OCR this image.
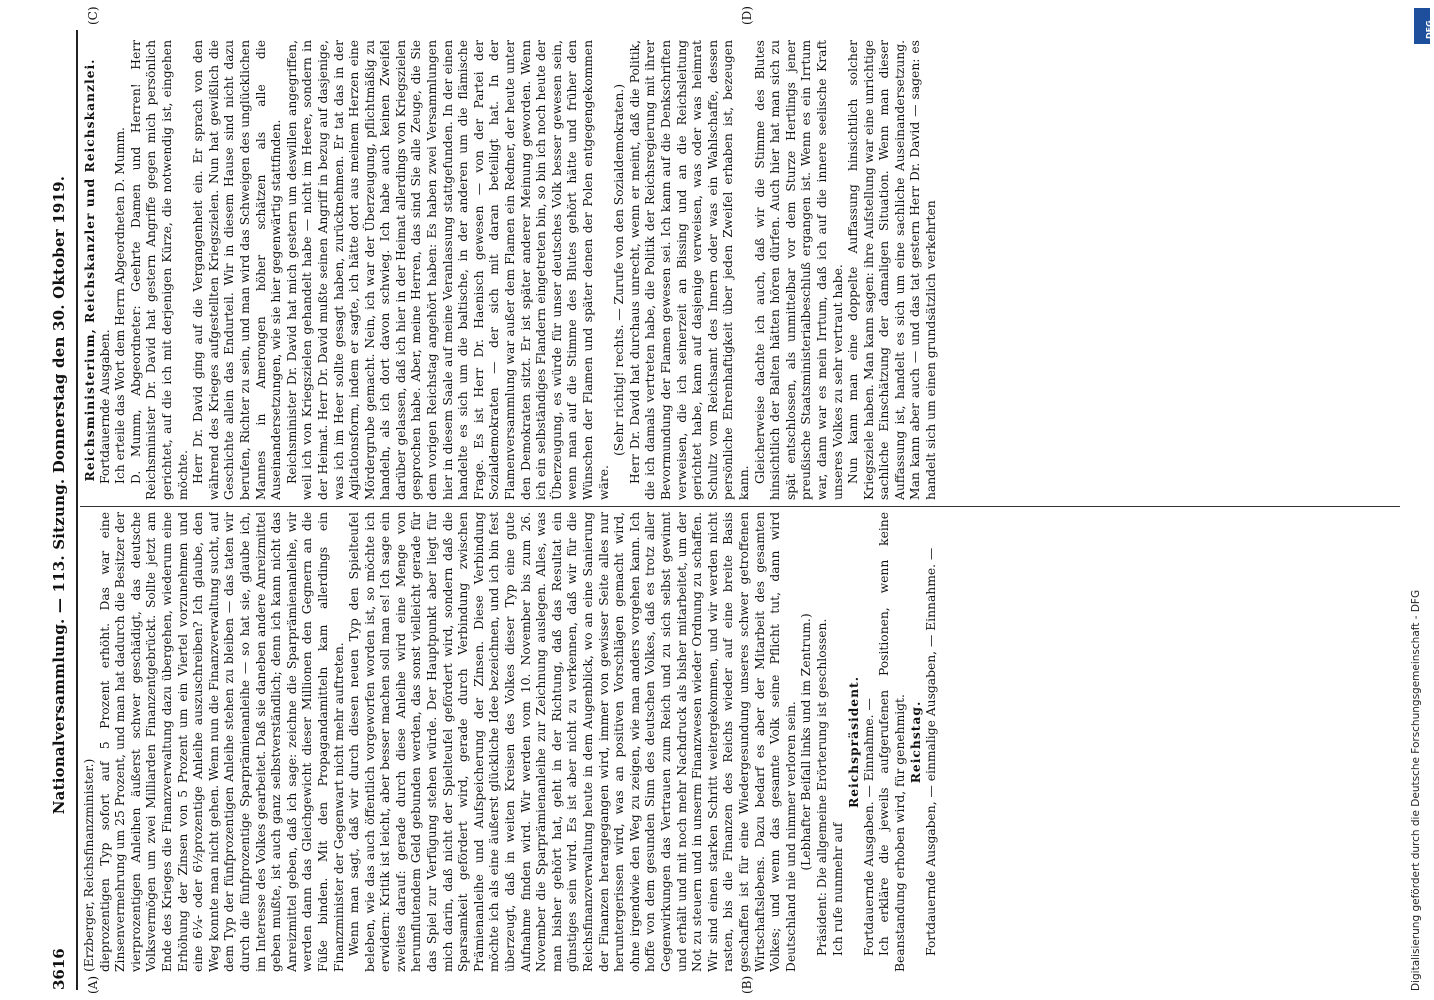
3616
Nationalversammlung. — 113. Sitzung. Donnerstag den 30. Oktober 1919.
(A)	(B)
(C)	(D)

(Erzberger, Reichsfinanzminister.) dieprozentigen Typ sofort auf 5 Prozent erhöht. Das war eine Zinsenvermehrung um 25 Prozent, und man hat dadurch die Besitzer der vierprozentigen Anleihen äußerst schwer geschädigt, das deutsche Volksvermögen um zwei Milliarden Finanzentgebrückt. Sollte jetzt am Ende des Krieges die Finanzverwaltung dazu übergehen, wiederum eine Erhöhung der Zinsen von 5 Prozent um ein Viertel vorzunehmen und eine 6¼- oder 6½prozentige Anleihe auszuschreiben? Ich glaube, den Weg konnte man nicht gehen. Wenn nun die Finanzverwaltung sucht, auf dem Typ der fünfprozentigen Anleihe stehen zu bleiben — das taten wir durch die fünfprozentige Sparprämienanleihe — so hat sie, glaube ich, im Interesse des Volkes gearbeitet. Daß sie daneben andere Anreizmittel geben mußte, ist auch ganz selbstverständlich; denn ich kann nicht das Anreizmittel geben, daß ich sage: zeichne die Sparprämienanleihe, wir werden dann das Gleichgewicht dieser Millionen den Gegnern an die Füße binden. Mit den Propagandamitteln kam allerdings ein Finanzminister der Gegenwart nicht mehr auftreten. Wenn man sagt, daß wir durch diesen neuen Typ den Spielteufel beleben, wie das auch öffentlich vorgeworfen worden ist, so möchte ich erwidern: Kritik ist leicht, aber besser machen soll man es! Ich sage ein zweites darauf: gerade durch diese Anleihe wird eine Menge von herumflutendem Geld gebunden werden, das sonst vielleicht gerade für das Spiel zur Verfügung stehen würde. Der Hauptpunkt aber liegt für mich darin, daß nicht der Spielteufel gefördert wird, sondern daß die Sparsamkeit gefördert wird, gerade durch Verbindung zwischen Prämienanleihe und Aufspeicherung der Zinsen. Diese Verbindung möchte ich als eine äußerst glückliche Idee bezeichnen, und ich bin fest überzeugt, daß in weiten Kreisen des Volkes dieser Typ eine gute Aufnahme finden wird. Wir werden vom 10. November bis zum 26. November die Sparprämienanleihe zur Zeichnung auslegen. Alles, was man bisher gehört hat, geht in der Richtung, daß das Resultat ein günstiges sein wird. Es ist aber nicht zu verkennen, daß wir für die Reichsfinanzverwaltung heute in dem Augenblick, wo an eine Sanierung der Finanzen herangegangen wird, immer von gewisser Seite alles nur heruntergerissen wird, was an positiven Vorschlägen gemacht wird, ohne irgendwie den Weg zu zeigen, wie man anders vorgehen kann. Ich hoffe von dem gesunden Sinn des deutschen Volkes, daß es trotz aller Gegenwirkungen das Vertrauen zum Reich und zu sich selbst gewinnt und erhält und mit noch mehr Nachdruck als bisher mitarbeitet, um der Not zu steuern und in unserm Finanzwesen wieder Ordnung zu schaffen. Wir sind einen starken Schritt weitergekommen, und wir werden nicht rasten, bis die Finanzen des Reichs wieder auf eine breite Basis geschaffen ist für eine Wiedergesundung unseres schwer getroffenen Wirtschaftslebens. Dazu bedarf es aber der Mitarbeit des gesamten Volkes; und wenn das gesamte Volk seine Pflicht tut, dann wird Deutschland nie und nimmer verloren sein. (Lebhafter Beifall links und im Zentrum.) Präsident: Die allgemeine Erörterung ist geschlossen. Ich rufe nunmehr auf

Reichspräsident. Fortdauernde Ausgaben. — Einnahme. — Ich erkläre die jeweils aufgerufenen Positionen, wenn keine Beanstandung erhoben wird, für genehmigt. Reichstag. Fortdauernde Ausgaben, — einmalige Ausgaben, — Einnahme. —

Reichsministerium, Reichskanzler und Reichskanzlei. Fortdauernde Ausgaben. Ich erteile das Wort dem Herrn Abgeordneten D. Mumm. D. Mumm, Abgeordneter: Geehrte Damen und Herren! Herr Reichsminister Dr. David hat gestern Angriffe gegen mich persönlich gerichtet, auf die ich mit derjenigen Kürze, die notwendig ist, eingehen möchte. Herr Dr. David ging auf die Vergangenheit ein. Er sprach von den während des Krieges aufgestellten Kriegszielen. Nun hat gewißlich die Geschichte allein das Endurteil. Wir in diesem Hause sind nicht dazu berufen, Richter zu sein, und man wird das Schweigen des unglücklichen Mannes in Amerongen höher schätzen als alle die Auseinandersetzungen, wie sie hier gegenwärtig stattfinden. Reichsminister Dr. David hat mich gestern um deswillen angegriffen, weil ich von Kriegszielen gehandelt habe — nicht im Heere, sondern in der Heimat. Herr Dr. David mußte seinen Angriff in bezug auf dasjenige, was ich im Heer sollte gesagt haben, zurücknehmen. Er tat das in der Agitationsform, indem er sagte, ich hätte dort aus meinem Herzen eine Mördergrube gemacht. Nein, ich war der Überzeugung, pflichtmäßig zu handeln, als ich dort davon schwieg. Ich habe auch keinen Zweifel darüber gelassen, daß ich hier in der Heimat allerdings von Kriegszielen gesprochen habe. Aber, meine Herren, das sind Sie alle Zeuge, die Sie dem vorigen Reichstag angehört haben: Es haben zwei Versammlungen hier in diesem Saale auf meine Veranlassung stattgefunden. In der einen handelte es sich um die baltische, in der anderen um die flämische Frage. Es ist Herr Dr. Haenisch gewesen — von der Partei der Sozialdemokraten — der sich mit daran beteiligt hat. In der Flamenversammlung war außer dem Flamen ein Redner, der heute unter den Demokraten sitzt. Er ist später anderer Meinung geworden. Wenn ich ein selbständiges Flandern eingetreten bin, so bin ich noch heute der Überzeugung, es würde für unser deutsches Volk besser gewesen sein, wenn man auf die Stimme des Blutes gehört hätte und früher den Wünschen der Flamen und später denen der Polen entgegengekommen wäre.

(Sehr richtig! rechts. — Zurufe von den Sozialdemokraten.) Herr Dr. David hat durchaus unrecht, wenn er meint, daß die Politik, die ich damals vertreten habe, die Politik der Reichsregierung mit ihrer Bevormundung der Flamen gewesen sei. Ich kann auf die Denkschriften verweisen, die ich seinerzeit an Bissing und an die Reichsleitung gerichtet habe, kann auf dasjenige verweisen, was oder was heimrat Schultz vom Reichsamt des Innern oder was ein Wahlschaffe, dessen persönliche Ehrenhaftigkeit über jeden Zweifel erhaben ist, bezeugen kann. Gleicherweise dachte ich auch, daß wir die Stimme des Blutes hinsichtlich der Balten hätten hören dürfen. Auch hier hat man sich zu spät entschlossen, als unmittelbar vor dem Sturze Hertlings jener preußische Staatsministerialbeschluß ergangen ist. Wenn es ein Irrtum war, dann war es mein Irrtum, daß ich auf die innere seelische Kraft unseres Volkes zu sehr vertraut habe. Nun kann man eine doppelte Auffassung hinsichtlich solcher Kriegsziele haben. Man kann sagen: ihre Aufstellung war eine unrichtige sachliche Einschätzung der damaligen Situation. Wenn man dieser Auffassung ist, handelt es sich um eine sachliche Auseinandersetzung. Man kann aber auch — und das tat gestern Herr Dr. David — sagen: es handelt sich um einen grundsätzlich verkehrten

Digitalisierung gefördert durch die Deutsche Forschungsgemeinschaft - DFG
DFG
